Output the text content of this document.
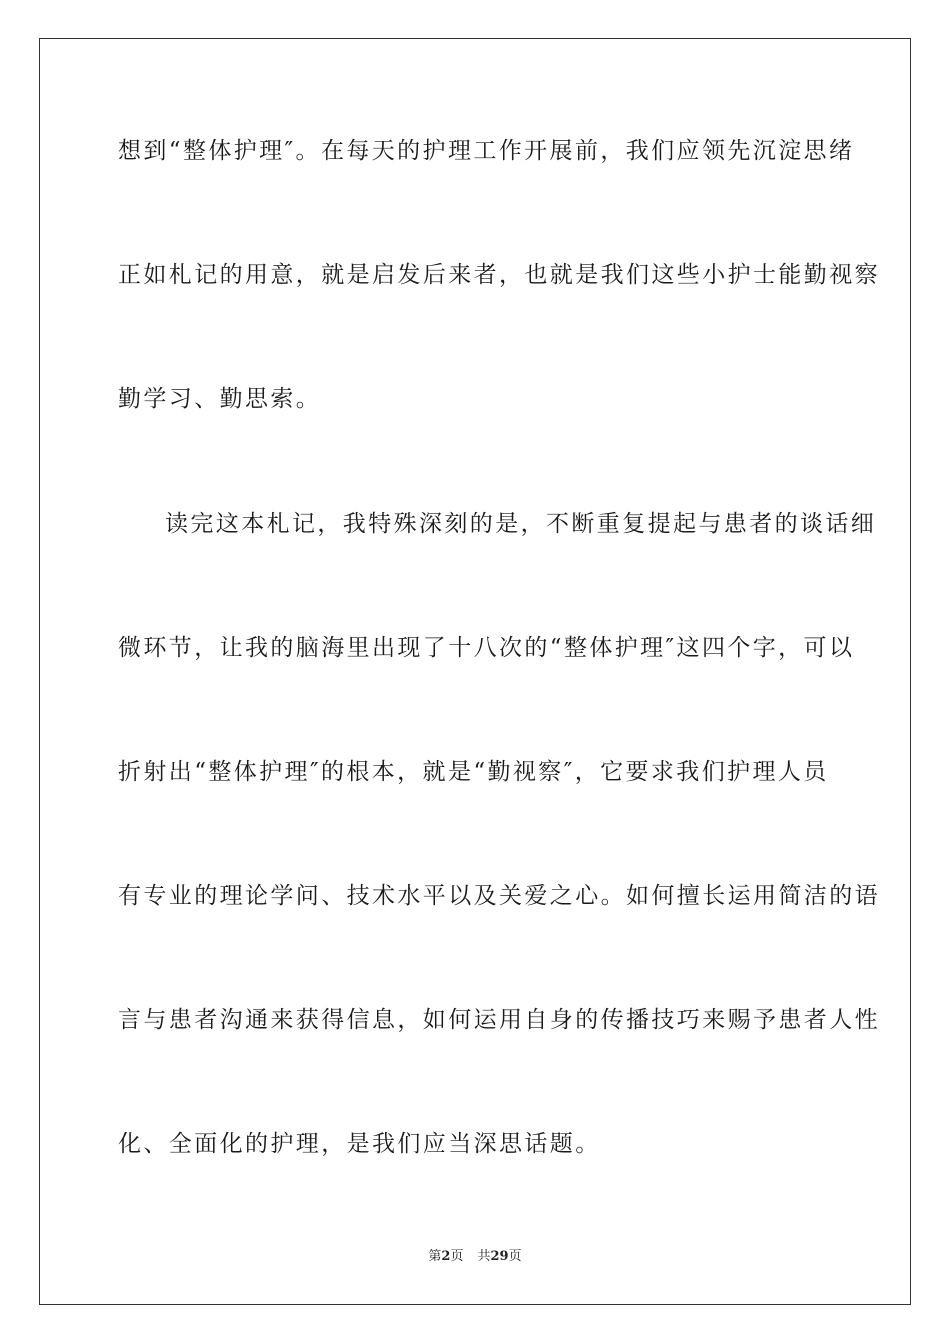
想到“整体护理″。在每天的护理工作开展前，我们应领先沉淀思绪
正如札记的用意，就是启发后来者，也就是我们这些小护士能勤视察
勤学习、勤思索。
读完这本札记，我特殊深刻的是，不断重复提起与患者的谈话细
微环节，让我的脑海里出现了十八次的“整体护理″这四个字，可以
折射出“整体护理″的根本，就是“勤视察″，它要求我们护理人员
有专业的理论学问、技术水平以及关爱之心。如何擅长运用简洁的语
言与患者沟通来获得信息，如何运用自身的传播技巧来赐予患者人性
化、全面化的护理，是我们应当深思话题。
第2页 共29页
